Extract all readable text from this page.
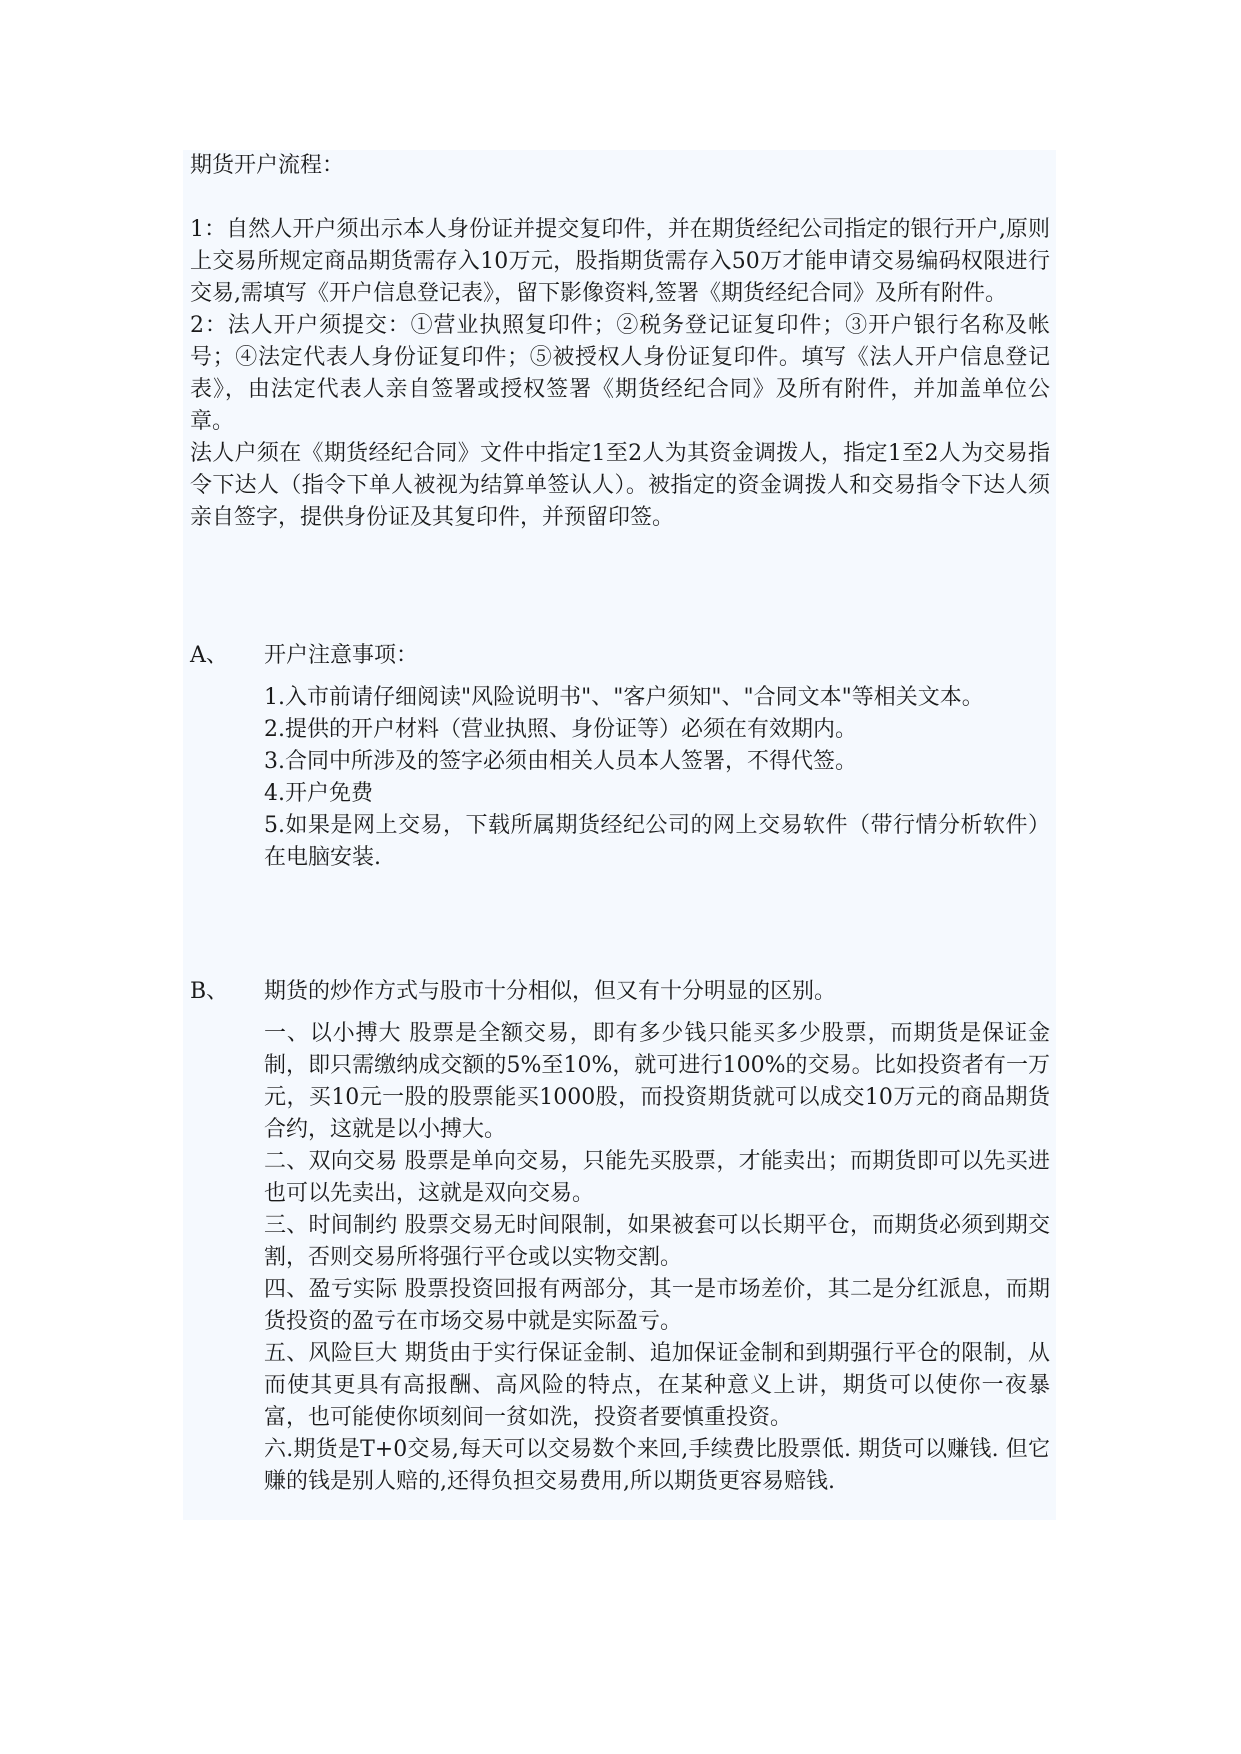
期货开户流程：

1：自然人开户须出示本人身份证并提交复印件，并在期货经纪公司指定的银行开户,原则上交易所规定商品期货需存入10万元，股指期货需存入50万才能申请交易编码权限进行交易,需填写《开户信息登记表》，留下影像资料,签署《期货经纪合同》及所有附件。

2：法人开户须提交：①营业执照复印件；②税务登记证复印件；③开户银行名称及帐号；④法定代表人身份证复印件；⑤被授权人身份证复印件。填写《法人开户信息登记表》，由法定代表人亲自签署或授权签署《期货经纪合同》及所有附件，并加盖单位公章。

法人户须在《期货经纪合同》文件中指定1至2人为其资金调拨人，指定1至2人为交易指令下达人（指令下单人被视为结算单签认人）。被指定的资金调拨人和交易指令下达人须亲自签字，提供身份证及其复印件，并预留印签。

A、	开户注意事项：
1.入市前请仔细阅读"风险说明书"、"客户须知"、"合同文本"等相关文本。
2.提供的开户材料（营业执照、身份证等）必须在有效期内。
3.合同中所涉及的签字必须由相关人员本人签署，不得代签。
4.开户免费
5.如果是网上交易，下载所属期货经纪公司的网上交易软件（带行情分析软件）在电脑安装.
B、	期货的炒作方式与股市十分相似，但又有十分明显的区别。
一、以小搏大 股票是全额交易，即有多少钱只能买多少股票，而期货是保证金制，即只需缴纳成交额的5%至10%，就可进行100%的交易。比如投资者有一万元，买10元一股的股票能买1000股，而投资期货就可以成交10万元的商品期货合约，这就是以小搏大。
二、双向交易 股票是单向交易，只能先买股票，才能卖出；而期货即可以先买进也可以先卖出，这就是双向交易。
三、时间制约 股票交易无时间限制，如果被套可以长期平仓，而期货必须到期交割，否则交易所将强行平仓或以实物交割。
四、盈亏实际 股票投资回报有两部分，其一是市场差价，其二是分红派息，而期货投资的盈亏在市场交易中就是实际盈亏。
五、风险巨大 期货由于实行保证金制、追加保证金制和到期强行平仓的限制，从而使其更具有高报酬、高风险的特点，在某种意义上讲，期货可以使你一夜暴富，也可能使你顷刻间一贫如洗，投资者要慎重投资。
六.期货是T+0交易,每天可以交易数个来回,手续费比股票低. 期货可以赚钱. 但它赚的钱是别人赔的,还得负担交易费用,所以期货更容易赔钱.
